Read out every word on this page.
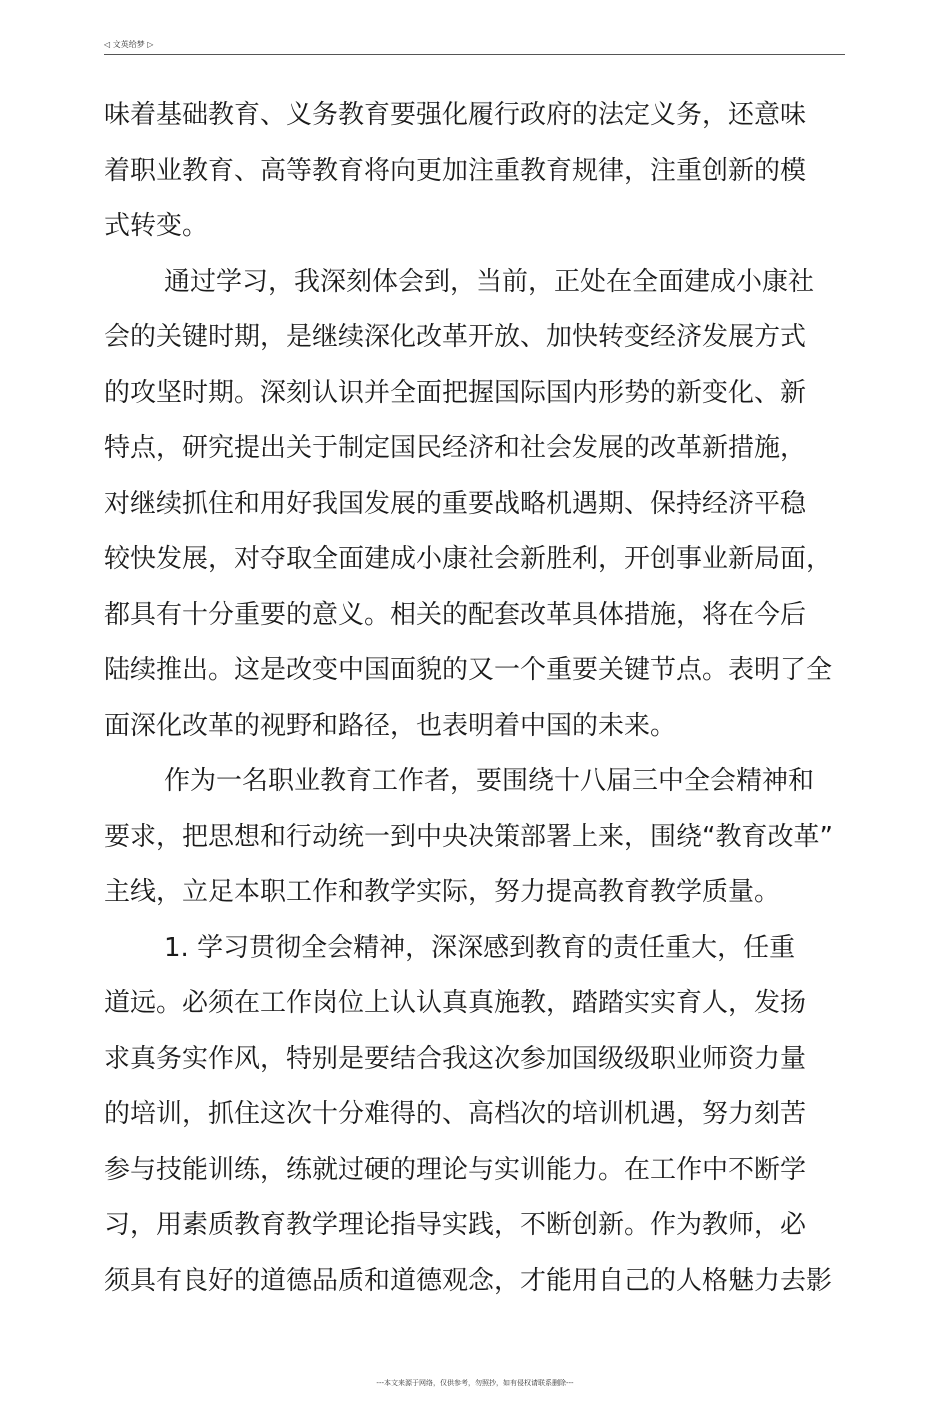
◁ 文英给梦 ▷
味着基础教育、义务教育要强化履行政府的法定义务，还意味
着职业教育、高等教育将向更加注重教育规律，注重创新的模
式转变。
通过学习，我深刻体会到，当前，正处在全面建成小康社
会的关键时期，是继续深化改革开放、加快转变经济发展方式
的攻坚时期。深刻认识并全面把握国际国内形势的新变化、新
特点，研究提出关于制定国民经济和社会发展的改革新措施，
对继续抓住和用好我国发展的重要战略机遇期、保持经济平稳
较快发展，对夺取全面建成小康社会新胜利，开创事业新局面，
都具有十分重要的意义。相关的配套改革具体措施，将在今后
陆续推出。这是改变中国面貌的又一个重要关键节点。表明了全
面深化改革的视野和路径，也表明着中国的未来。
作为一名职业教育工作者，要围绕十八届三中全会精神和
要求，把思想和行动统一到中央决策部署上来，围绕“教育改革”
主线，立足本职工作和教学实际，努力提高教育教学质量。
1. 学习贯彻全会精神，深深感到教育的责任重大，任重
道远。必须在工作岗位上认认真真施教，踏踏实实育人，发扬
求真务实作风，特别是要结合我这次参加国级级职业师资力量
的培训，抓住这次十分难得的、高档次的培训机遇，努力刻苦
参与技能训练，练就过硬的理论与实训能力。在工作中不断学
习，用素质教育教学理论指导实践，不断创新。作为教师，必
须具有良好的道德品质和道德观念，才能用自己的人格魅力去影
---本文来源于网络，仅供参考，勿照抄，如有侵权请联系删除---
